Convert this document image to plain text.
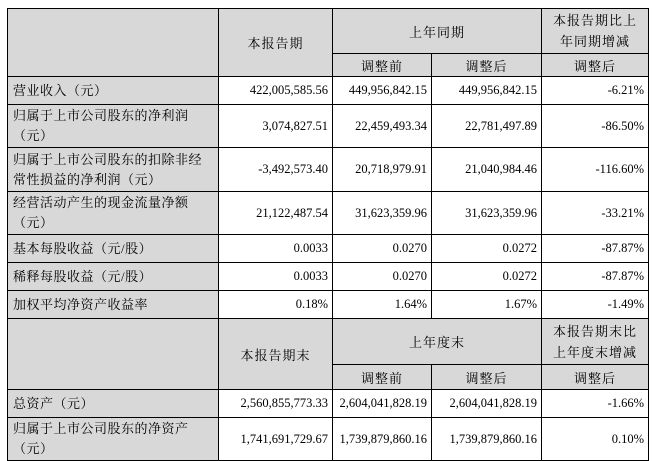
	本报告期	上年同期		本报告期比上年同期增减
		调整前	调整后	调整后
营业收入（元）	422,005,585.56	449,956,842.15	449,956,842.15	-6.21%
归属于上市公司股东的净利润（元）	3,074,827.51	22,459,493.34	22,781,497.89	-86.50%
归属于上市公司股东的扣除非经常性损益的净利润（元）	-3,492,573.40	20,718,979.91	21,040,984.46	-116.60%
经营活动产生的现金流量净额（元）	21,122,487.54	31,623,359.96	31,623,359.96	-33.21%
基本每股收益（元/股）	0.0033	0.0270	0.0272	-87.87%
稀释每股收益（元/股）	0.0033	0.0270	0.0272	-87.87%
加权平均净资产收益率	0.18%	1.64%	1.67%	-1.49%
	本报告期末	上年度末		本报告期末比上年度末增减
		调整前	调整后	调整后
总资产（元）	2,560,855,773.33	2,604,041,828.19	2,604,041,828.19	-1.66%
归属于上市公司股东的净资产（元）	1,741,691,729.67	1,739,879,860.16	1,739,879,860.16	0.10%
